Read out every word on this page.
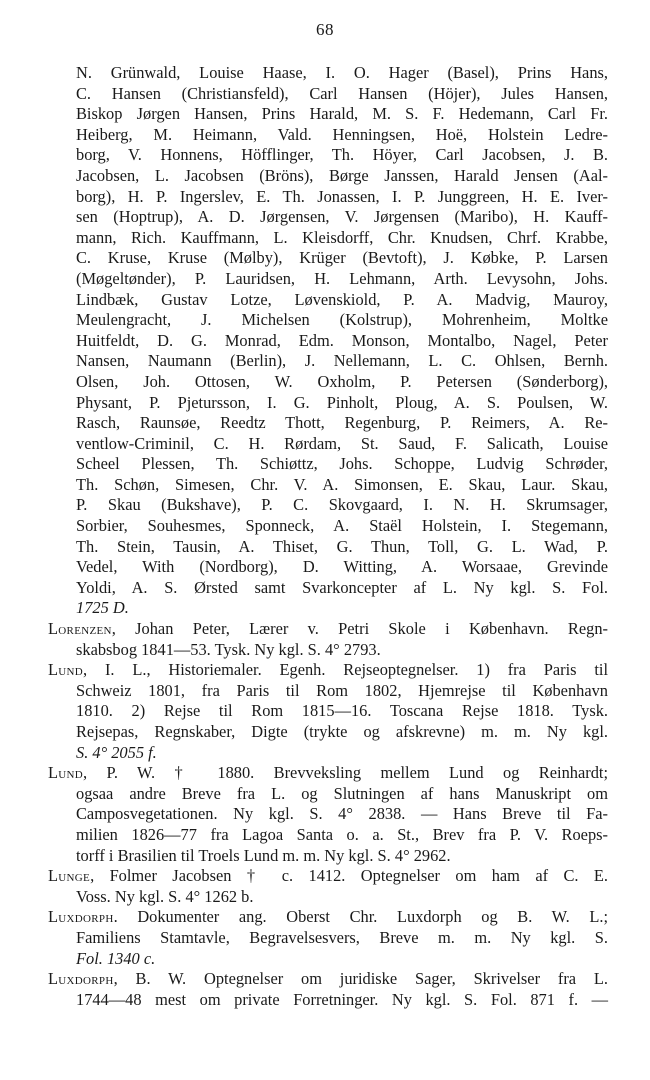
68
N. Grünwald, Louise Haase, I. O. Hager (Basel), Prins Hans,
C. Hansen (Christiansfeld), Carl Hansen (Höjer), Jules Hansen,
Biskop Jørgen Hansen, Prins Harald, M. S. F. Hedemann, Carl Fr.
Heiberg, M. Heimann, Vald. Henningsen, Hoë, Holstein Ledre-
borg, V. Honnens, Höfflinger, Th. Höyer, Carl Jacobsen, J. B.
Jacobsen, L. Jacobsen (Bröns), Børge Janssen, Harald Jensen (Aal-
borg), H. P. Ingerslev, E. Th. Jonassen, I. P. Junggreen, H. E. Iver-
sen (Hoptrup), A. D. Jørgensen, V. Jørgensen (Maribo), H. Kauff-
mann, Rich. Kauffmann, L. Kleisdorff, Chr. Knudsen, Chrf. Krabbe,
C. Kruse, Kruse (Mølby), Krüger (Bevtoft), J. Købke, P. Larsen
(Møgeltønder), P. Lauridsen, H. Lehmann, Arth. Levysohn, Johs.
Lindbæk, Gustav Lotze, Løvenskiold, P. A. Madvig, Mauroy,
Meulengracht, J. Michelsen (Kolstrup), Mohrenheim, Moltke
Huitfeldt, D. G. Monrad, Edm. Monson, Montalbo, Nagel, Peter
Nansen, Naumann (Berlin), J. Nellemann, L. C. Ohlsen, Bernh.
Olsen, Joh. Ottosen, W. Oxholm, P. Petersen (Sønderborg),
Physant, P. Pjetursson, I. G. Pinholt, Ploug, A. S. Poulsen, W.
Rasch, Raunsøe, Reedtz Thott, Regenburg, P. Reimers, A. Re-
ventlow-Criminil, C. H. Rørdam, St. Saud, F. Salicath, Louise
Scheel Plessen, Th. Schiøttz, Johs. Schoppe, Ludvig Schrøder,
Th. Schøn, Simesen, Chr. V. A. Simonsen, E. Skau, Laur. Skau,
P. Skau (Bukshave), P. C. Skovgaard, I. N. H. Skrumsager,
Sorbier, Souhesmes, Sponneck, A. Staël Holstein, I. Stegemann,
Th. Stein, Tausin, A. Thiset, G. Thun, Toll, G. L. Wad, P.
Vedel, With (Nordborg), D. Witting, A. Worsaae, Grevinde
Yoldi, A. S. Ørsted samt Svarkoncepter af L. Ny kgl. S. Fol.
1725 D.
Lorenzen, Johan Peter, Lærer v. Petri Skole i København. Regn-
skabsbog 1841—53. Tysk. Ny kgl. S. 4° 2793.
Lund, I. L., Historiemaler. Egenh. Rejseoptegnelser. 1) fra Paris til
Schweiz 1801, fra Paris til Rom 1802, Hjemrejse til København
1810. 2) Rejse til Rom 1815—16. Toscana Rejse 1818. Tysk.
Rejsepas, Regnskaber, Digte (trykte og afskrevne) m. m. Ny kgl.
S. 4° 2055 f.
Lund, P. W. † 1880. Brevveksling mellem Lund og Reinhardt;
ogsaa andre Breve fra L. og Slutningen af hans Manuskript om
Camposvegetationen. Ny kgl. S. 4° 2838. — Hans Breve til Fa-
milien 1826—77 fra Lagoa Santa o. a. St., Brev fra P. V. Roeps-
torff i Brasilien til Troels Lund m. m. Ny kgl. S. 4° 2962.
Lunge, Folmer Jacobsen † c. 1412. Optegnelser om ham af C. E.
Voss. Ny kgl. S. 4° 1262 b.
Luxdorph. Dokumenter ang. Oberst Chr. Luxdorph og B. W. L.;
Familiens Stamtavle, Begravelsesvers, Breve m. m. Ny kgl. S.
Fol. 1340 c.
Luxdorph, B. W. Optegnelser om juridiske Sager, Skrivelser fra L.
1744—48 mest om private Forretninger. Ny kgl. S. Fol. 871 f. —
